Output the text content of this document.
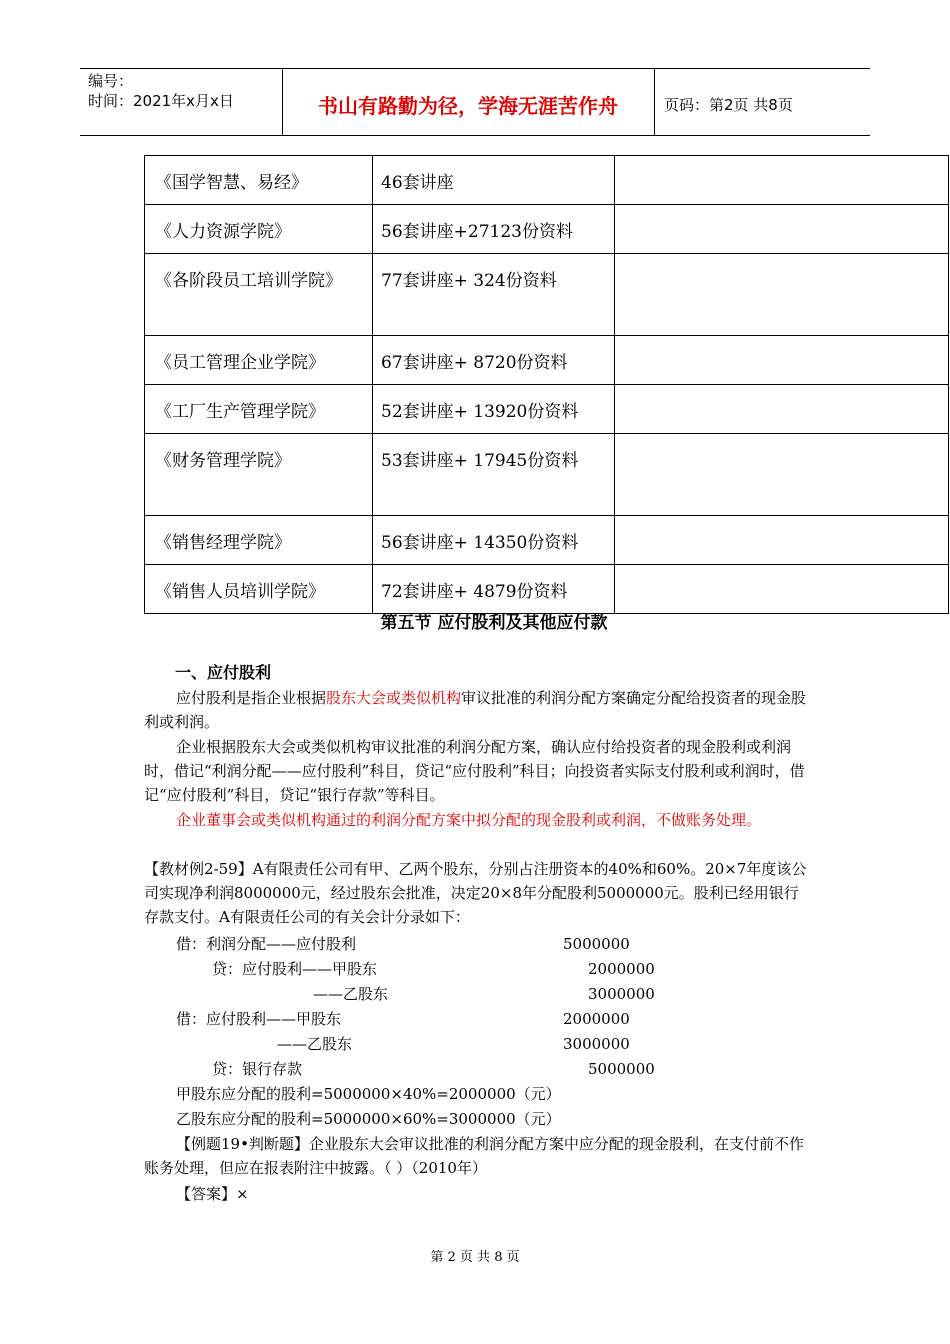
编号：
时间：2021年x月x日	书山有路勤为径，学海无涯苦作舟	页码：第2页 共8页
《国学智慧、易经》	46套讲座	
《人力资源学院》	56套讲座+27123份资料	

《各阶段员工培训学院》	77套讲座+ 324份资料	
《员工管理企业学院》	67套讲座+ 8720份资料	
《工厂生产管理学院》	52套讲座+ 13920份资料	
《财务管理学院》	53套讲座+ 17945份资料	

《销售经理学院》	56套讲座+ 14350份资料	
《销售人员培训学院》	72套讲座+ 4879份资料	
第五节 应付股利及其他应付款
一、应付股利
应付股利是指企业根据股东大会或类似机构审议批准的利润分配方案确定分配给投资者的现金股利或利润。
企业根据股东大会或类似机构审议批准的利润分配方案，确认应付给投资者的现金股利或利润时，借记“利润分配——应付股利”科目，贷记“应付股利”科目；向投资者实际支付股利或利润时，借记“应付股利”科目，贷记“银行存款”等科目。
企业董事会或类似机构通过的利润分配方案中拟分配的现金股利或利润，不做账务处理。
【教材例2-59】A有限责任公司有甲、乙两个股东，分别占注册资本的40%和60%。20×7年度该公司实现净利润8000000元，经过股东会批准，决定20×8年分配股利5000000元。股利已经用银行存款支付。A有限责任公司的有关会计分录如下：
借：利润分配——应付股利	5000000
贷：应付股利——甲股东	2000000
——乙股东	3000000
借：应付股利——甲股东	2000000
——乙股东	3000000
贷：银行存款	5000000
甲股东应分配的股利=5000000×40%=2000000（元）
乙股东应分配的股利=5000000×60%=3000000（元）
【例题19•判断题】企业股东大会审议批准的利润分配方案中应分配的现金股利，在支付前不作账务处理，但应在报表附注中披露。（ ）（2010年）
【答案】×
第 2 页 共 8 页
